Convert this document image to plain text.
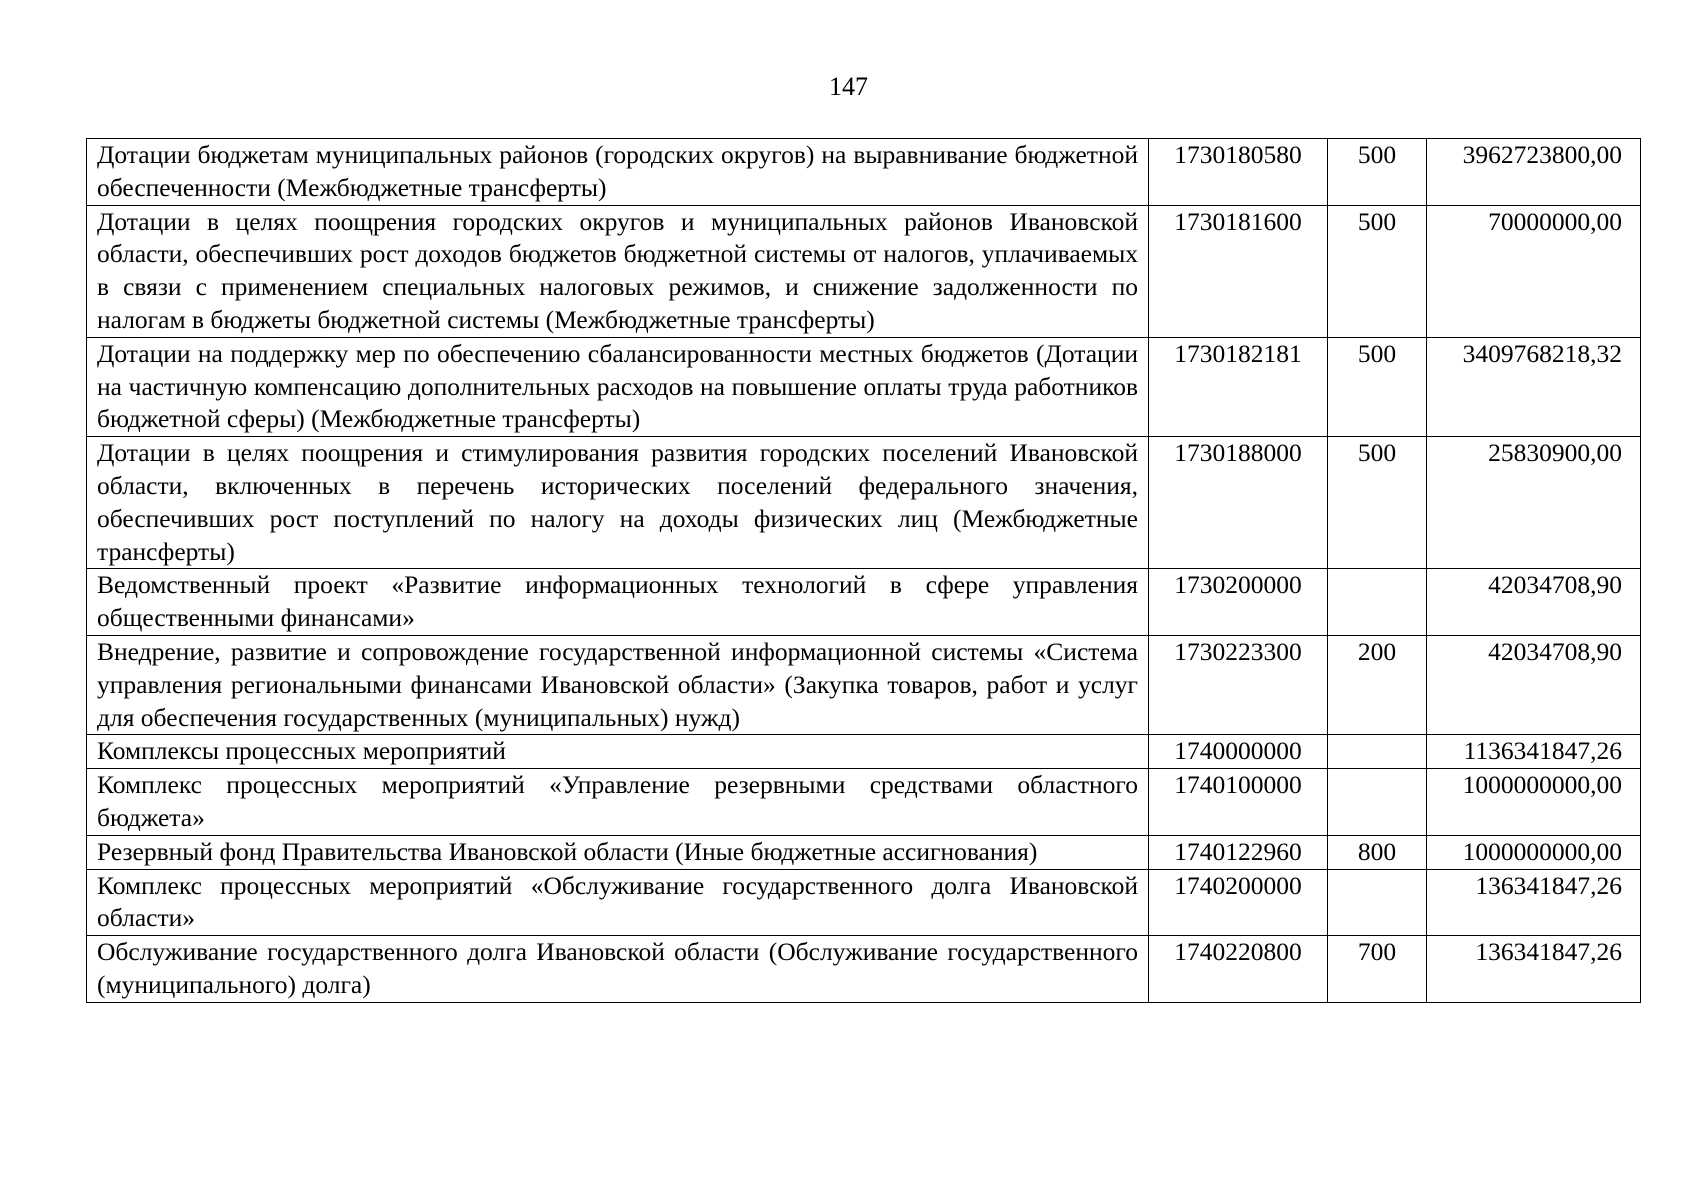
147
Дотации бюджетам муниципальных районов (городских округов) на выравнивание бюджетной обеспеченности (Межбюджетные трансферты)	1730180580	500	3962723800,00
Дотации в целях поощрения городских округов и муниципальных районов Ивановской области, обеспечивших рост доходов бюджетов бюджетной системы от налогов, уплачиваемых в связи с применением специальных налоговых режимов, и снижение задолженности по налогам в бюджеты бюджетной системы (Межбюджетные трансферты)	1730181600	500	70000000,00
Дотации на поддержку мер по обеспечению сбалансированности местных бюджетов (Дотации на частичную компенсацию дополнительных расходов на повышение оплаты труда работников бюджетной сферы) (Межбюджетные трансферты)	1730182181	500	3409768218,32
Дотации в целях поощрения и стимулирования развития городских поселений Ивановской области, включенных в перечень исторических поселений федерального значения, обеспечивших рост поступлений по налогу на доходы физических лиц (Межбюджетные трансферты)	1730188000	500	25830900,00
Ведомственный проект «Развитие информационных технологий в сфере управления общественными финансами»	1730200000		42034708,90
Внедрение, развитие и сопровождение государственной информационной системы «Система управления региональными финансами Ивановской области» (Закупка товаров, работ и услуг для обеспечения государственных (муниципальных) нужд)	1730223300	200	42034708,90
Комплексы процессных мероприятий	1740000000		1136341847,26
Комплекс процессных мероприятий «Управление резервными средствами областного бюджета»	1740100000		1000000000,00
Резервный фонд Правительства Ивановской области (Иные бюджетные ассигнования)	1740122960	800	1000000000,00
Комплекс процессных мероприятий «Обслуживание государственного долга Ивановской области»	1740200000		136341847,26
Обслуживание государственного долга Ивановской области (Обслуживание государственного (муниципального) долга)	1740220800	700	136341847,26
